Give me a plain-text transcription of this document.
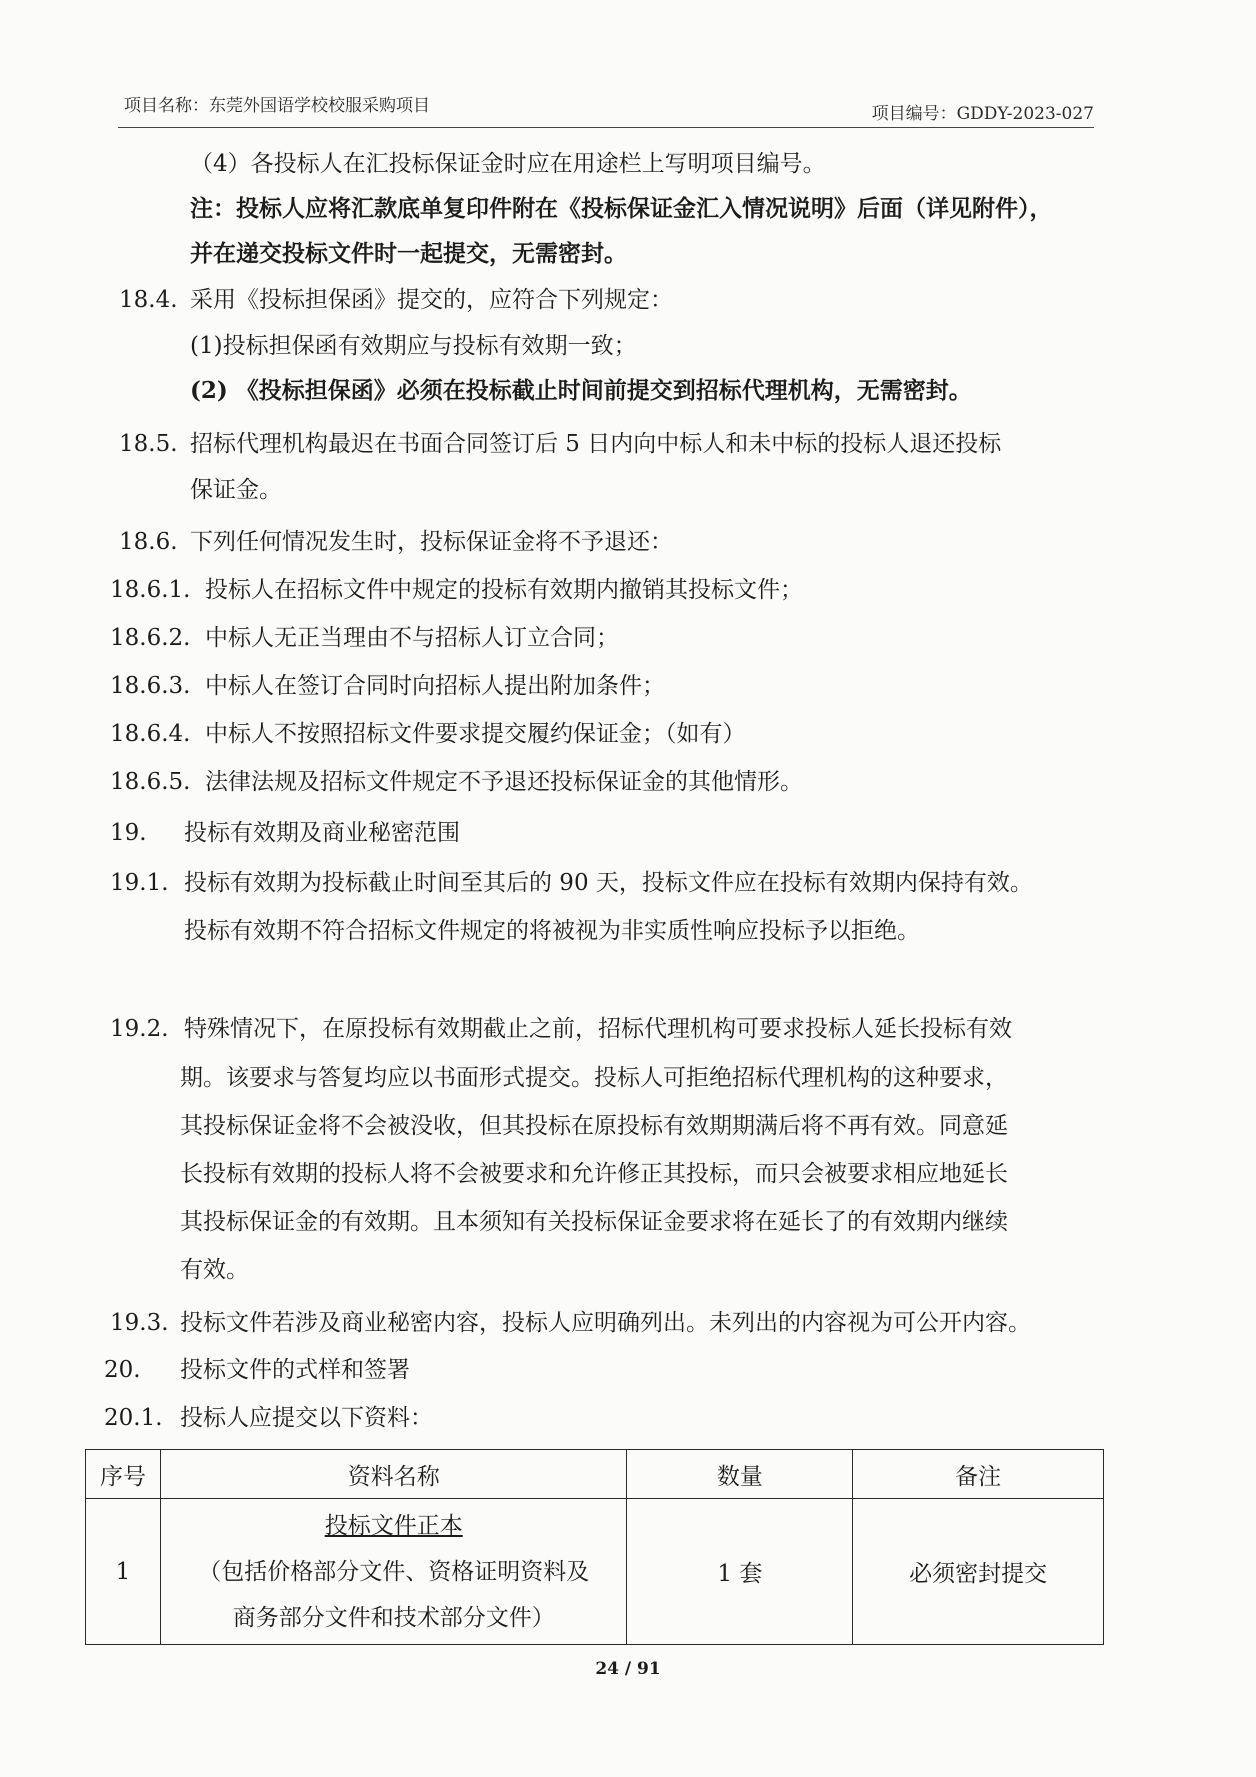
项目名称：东莞外国语学校校服采购项目	项目编号：GDDY-2023-027
（4）各投标人在汇投标保证金时应在用途栏上写明项目编号。
注：投标人应将汇款底单复印件附在《投标保证金汇入情况说明》后面（详见附件），
并在递交投标文件时一起提交，无需密封。
18.4. 采用《投标担保函》提交的，应符合下列规定：
(1)投标担保函有效期应与投标有效期一致；
(2) 《投标担保函》必须在投标截止时间前提交到招标代理机构，无需密封。
18.5. 招标代理机构最迟在书面合同签订后 5 日内向中标人和未中标的投标人退还投标
保证金。
18.6. 下列任何情况发生时，投标保证金将不予退还：
18.6.1. 投标人在招标文件中规定的投标有效期内撤销其投标文件；
18.6.2. 中标人无正当理由不与招标人订立合同；
18.6.3. 中标人在签订合同时向招标人提出附加条件；
18.6.4. 中标人不按照招标文件要求提交履约保证金；（如有）
18.6.5. 法律法规及招标文件规定不予退还投标保证金的其他情形。
19. 投标有效期及商业秘密范围
19.1. 投标有效期为投标截止时间至其后的 90 天，投标文件应在投标有效期内保持有效。
投标有效期不符合招标文件规定的将被视为非实质性响应投标予以拒绝。
19.2. 特殊情况下，在原投标有效期截止之前，招标代理机构可要求投标人延长投标有效
期。该要求与答复均应以书面形式提交。投标人可拒绝招标代理机构的这种要求，
其投标保证金将不会被没收，但其投标在原投标有效期期满后将不再有效。同意延
长投标有效期的投标人将不会被要求和允许修正其投标，而只会被要求相应地延长
其投标保证金的有效期。且本须知有关投标保证金要求将在延长了的有效期内继续
有效。
19.3. 投标文件若涉及商业秘密内容，投标人应明确列出。未列出的内容视为可公开内容。
20. 投标文件的式样和签署
20.1. 投标人应提交以下资料：
序号	资料名称	数量	备注
1	投标文件正本
（包括价格部分文件、资格证明资料及
商务部分文件和技术部分文件）	1 套	必须密封提交
24 / 91
